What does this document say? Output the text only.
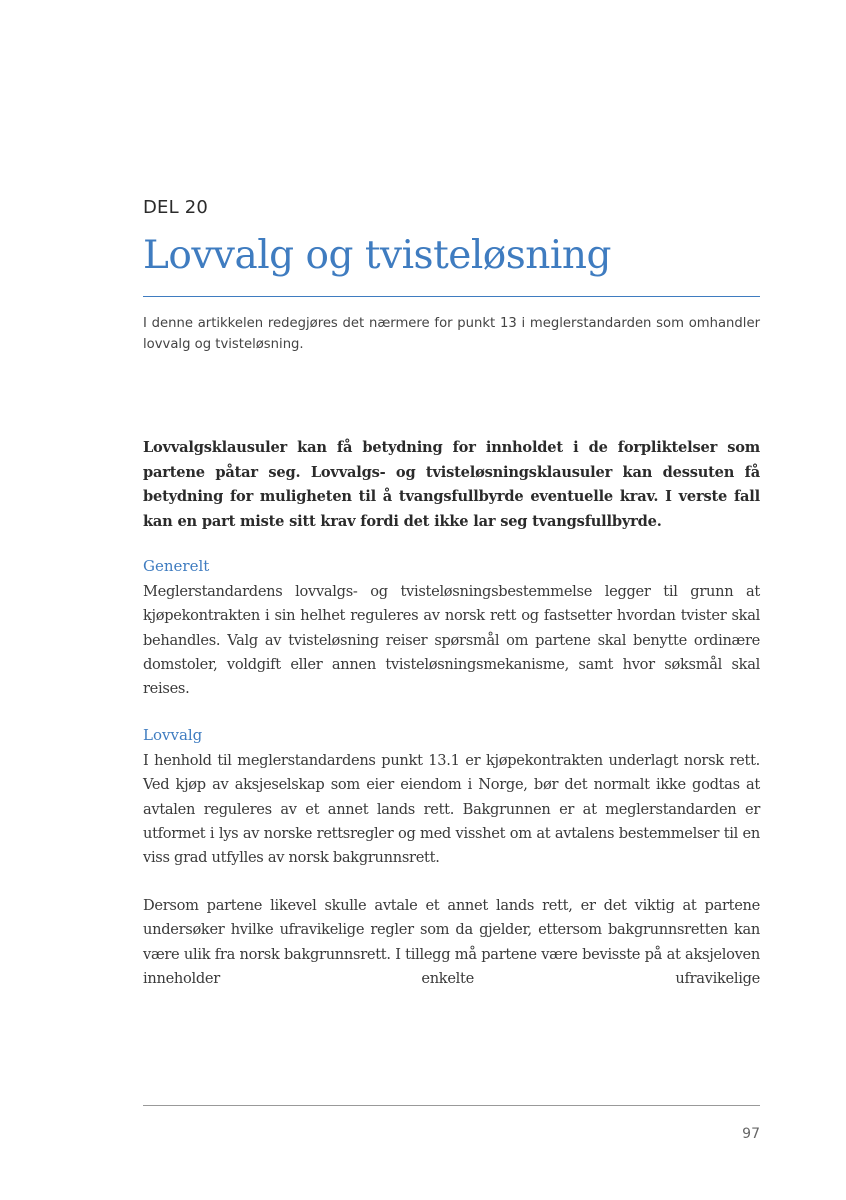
DEL 20
Lovvalg og tvisteløsning

I denne artikkelen redegjøres det nærmere for punkt 13 i meglerstandarden som omhandler lovvalg og tvisteløsning.

Lovvalgsklausuler kan få betydning for innholdet i de forpliktelser som partene påtar seg. Lovvalgs- og tvisteløsningsklausuler kan dessuten få betydning for muligheten til å tvangsfullbyrde eventuelle krav. I verste fall kan en part miste sitt krav fordi det ikke lar seg tvangsfullbyrde.

Generelt

Meglerstandardens lovvalgs- og tvisteløsningsbestemmelse legger til grunn at kjøpekontrakten i sin helhet reguleres av norsk rett og fastsetter hvordan tvister skal behandles. Valg av tvisteløsning reiser spørsmål om partene skal benytte ordinære domstoler, voldgift eller annen tvisteløsningsmekanisme, samt hvor søksmål skal reises.

Lovvalg

I henhold til meglerstandardens punkt 13.1 er kjøpekontrakten underlagt norsk rett. Ved kjøp av aksjeselskap som eier eiendom i Norge, bør det normalt ikke godtas at avtalen reguleres av et annet lands rett. Bakgrunnen er at meglerstandarden er utformet i lys av norske rettsregler og med visshet om at avtalens bestemmelser til en viss grad utfylles av norsk bakgrunnsrett.

Dersom partene likevel skulle avtale et annet lands rett, er det viktig at partene undersøker hvilke ufravikelige regler som da gjelder, ettersom bakgrunnsretten kan være ulik fra norsk bakgrunnsrett. I tillegg må partene være bevisste på at aksjeloven inneholder enkelte ufravikelige

97
